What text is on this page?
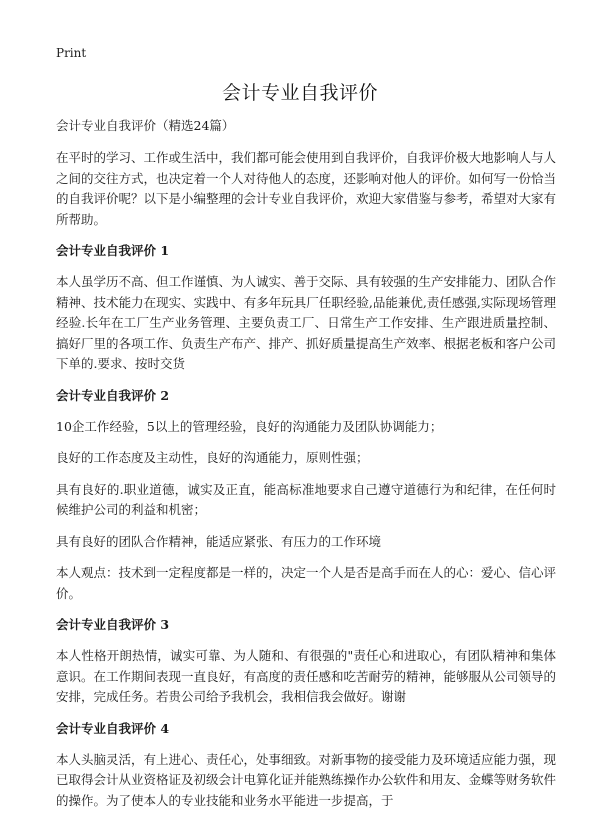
Print
会计专业自我评价

会计专业自我评价（精选24篇）

在平时的学习、工作或生活中，我们都可能会使用到自我评价，自我评价极大地影响人与人之间的交往方式，也决定着一个人对待他人的态度，还影响对他人的评价。如何写一份恰当的自我评价呢？以下是小编整理的会计专业自我评价，欢迎大家借鉴与参考，希望对大家有所帮助。

会计专业自我评价 1

本人虽学历不高、但工作谨慎、为人诚实、善于交际、具有较强的生产安排能力、团队合作精神、技术能力在现实、实践中、有多年玩具厂任职经验,品能兼优,责任感强,实际现场管理经验.长年在工厂生产业务管理、主要负责工厂、日常生产工作安排、生产跟进质量控制、搞好厂里的各项工作、负责生产布产、排产、抓好质量提高生产效率、根据老板和客户公司下单的.要求、按时交货

会计专业自我评价 2

10企工作经验，5以上的管理经验，良好的沟通能力及团队协调能力；

良好的工作态度及主动性，良好的沟通能力，原则性强；

具有良好的.职业道德，诚实及正直，能高标准地要求自己遵守道德行为和纪律，在任何时候维护公司的利益和机密；

具有良好的团队合作精神，能适应紧张、有压力的工作环境

本人观点：技术到一定程度都是一样的，决定一个人是否是高手而在人的心：爱心、信心评价。

会计专业自我评价 3

本人性格开朗热情，诚实可靠、为人随和、有很强的"责任心和进取心，有团队精神和集体意识。在工作期间表现一直良好，有高度的责任感和吃苦耐劳的精神，能够服从公司领导的安排，完成任务。若贵公司给予我机会，我相信我会做好。谢谢

会计专业自我评价 4

本人头脑灵活，有上进心、责任心，处事细致。对新事物的接受能力及环境适应能力强，现已取得会计从业资格证及初级会计电算化证并能熟练操作办公软件和用友、金蝶等财务软件的操作。为了使本人的专业技能和业务水平能进一步提高，于
